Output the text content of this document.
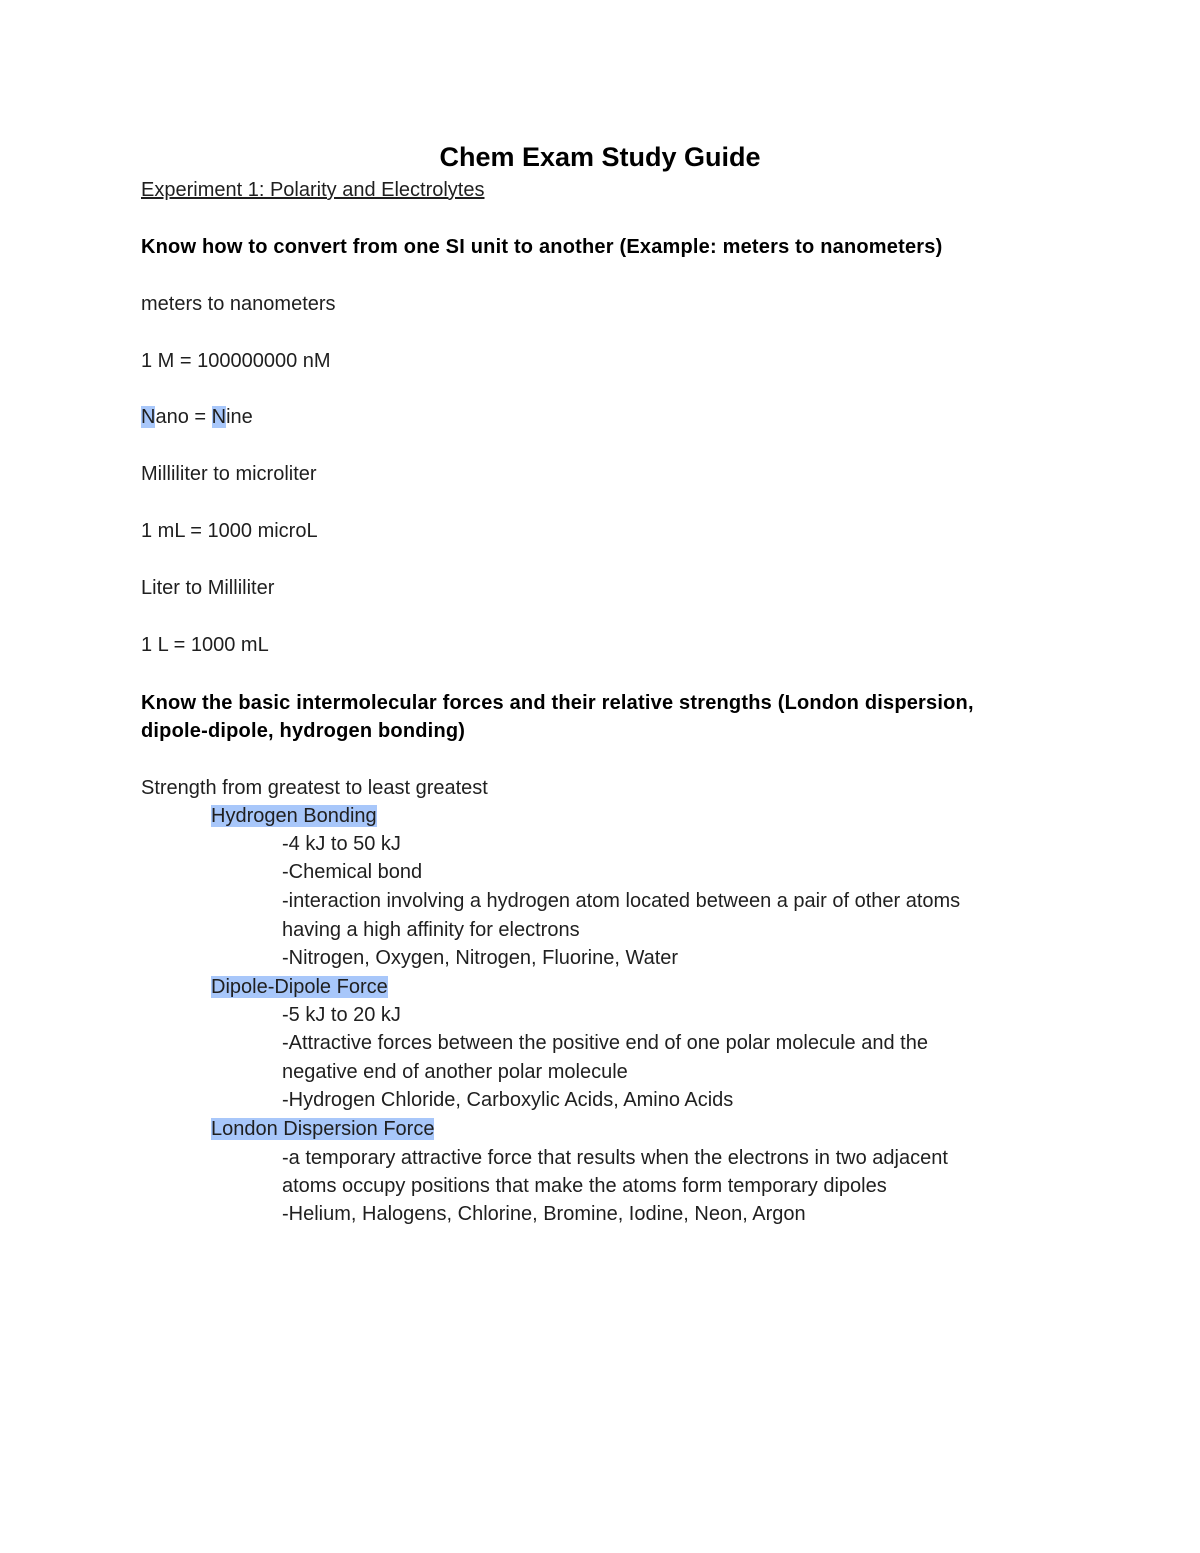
Chem Exam Study Guide
Experiment 1: Polarity and Electrolytes
Know how to convert from one SI unit to another (Example: meters to nanometers)
meters to nanometers
1 M = 100000000 nM
Nano = Nine
Milliliter to microliter
1 mL = 1000 microL
Liter to Milliliter
1 L = 1000 mL
Know the basic intermolecular forces and their relative strengths (London dispersion,
dipole-dipole, hydrogen bonding)
Strength from greatest to least greatest
Hydrogen Bonding
-4 kJ to 50 kJ
-Chemical bond
-interaction involving a hydrogen atom located between a pair of other atoms
having a high affinity for electrons
-Nitrogen, Oxygen, Nitrogen, Fluorine, Water
Dipole-Dipole Force
-5 kJ to 20 kJ
-Attractive forces between the positive end of one polar molecule and the
negative end of another polar molecule
-Hydrogen Chloride, Carboxylic Acids, Amino Acids
London Dispersion Force
-a temporary attractive force that results when the electrons in two adjacent
atoms occupy positions that make the atoms form temporary dipoles
-Helium, Halogens, Chlorine, Bromine, Iodine, Neon, Argon
